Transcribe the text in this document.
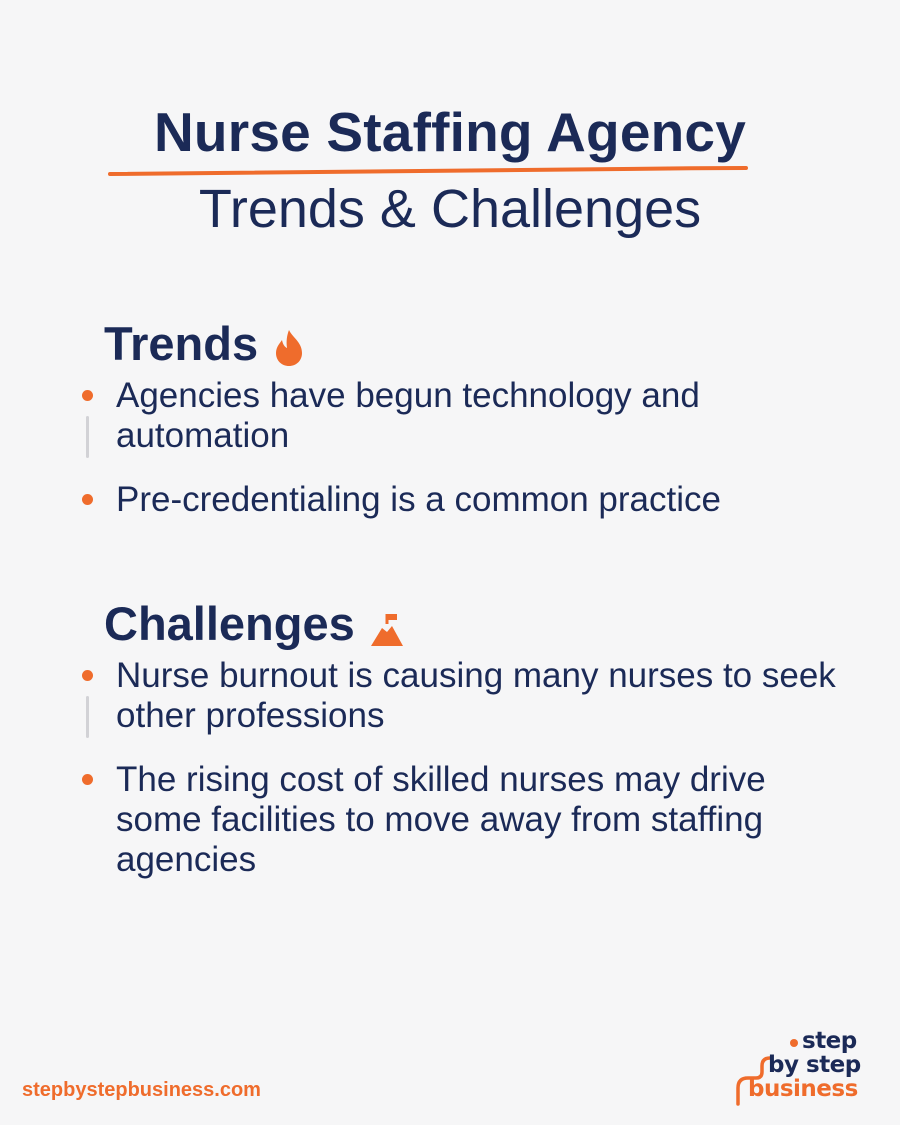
Nurse Staffing Agency
Trends & Challenges
Trends
Agencies have begun technology and automation
Pre-credentialing is a common practice
Challenges
Nurse burnout is causing many nurses to seek other professions
The rising cost of skilled nurses may drive some facilities to move away from staffing agencies
stepbystepbusiness.com
step
by step
business
